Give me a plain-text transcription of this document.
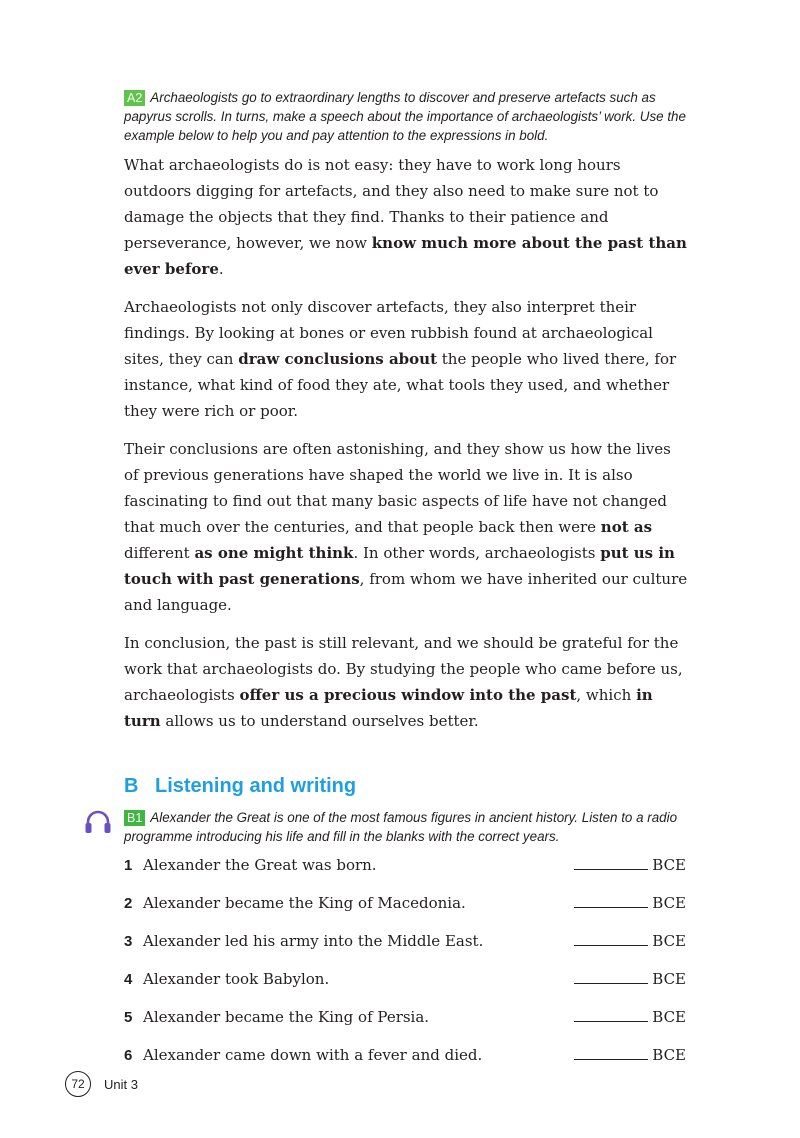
A2 Archaeologists go to extraordinary lengths to discover and preserve artefacts such as papyrus scrolls. In turns, make a speech about the importance of archaeologists’ work. Use the example below to help you and pay attention to the expressions in bold.

What archaeologists do is not easy: they have to work long hours outdoors digging for artefacts, and they also need to make sure not to damage the objects that they find. Thanks to their patience and perseverance, however, we now know much more about the past than ever before.

Archaeologists not only discover artefacts, they also interpret their findings. By looking at bones or even rubbish found at archaeological sites, they can draw conclusions about the people who lived there, for instance, what kind of food they ate, what tools they used, and whether they were rich or poor.

Their conclusions are often astonishing, and they show us how the lives of previous generations have shaped the world we live in. It is also fascinating to find out that many basic aspects of life have not changed that much over the centuries, and that people back then were not as different as one might think. In other words, archaeologists put us in touch with past generations, from whom we have inherited our culture and language.

In conclusion, the past is still relevant, and we should be grateful for the work that archaeologists do. By studying the people who came before us, archaeologists offer us a precious window into the past, which in turn allows us to understand ourselves better.

B Listening and writing

B1 Alexander the Great is one of the most famous figures in ancient history. Listen to a radio programme introducing his life and fill in the blanks with the correct years.

1 Alexander the Great was born.	BCE
2 Alexander became the King of Macedonia.	BCE
3 Alexander led his army into the Middle East.	BCE
4 Alexander took Babylon.	BCE
5 Alexander became the King of Persia.	BCE
6 Alexander came down with a fever and died.	BCE
72	Unit 3
